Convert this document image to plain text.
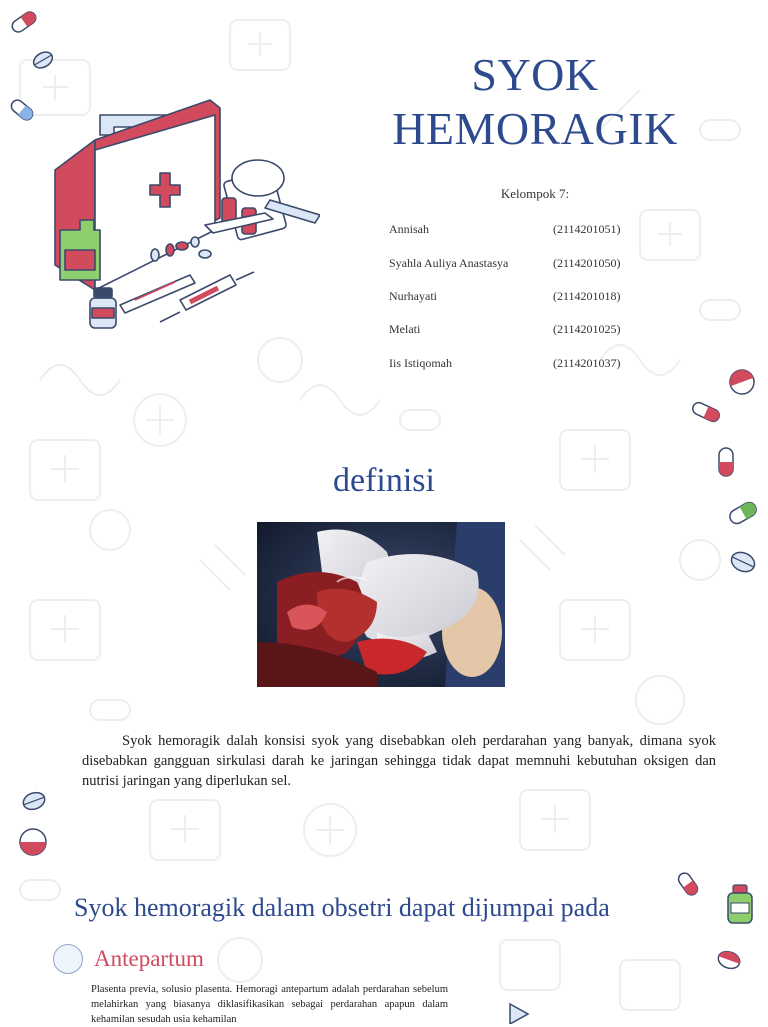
SYOK
HEMORAGIK
Kelompok 7:
Annisah	(2114201051)
Syahla Auliya Anastasya	(2114201050)
Nurhayati	(2114201018)
Melati	(2114201025)
Iis Istiqomah	(2114201037)
definisi
Syok hemoragik dalah konsisi syok yang disebabkan oleh perdarahan yang banyak, dimana syok disebabkan gangguan sirkulasi darah ke jaringan sehingga tidak dapat memnuhi kebutuhan oksigen dan nutrisi jaringan yang diperlukan sel.
Syok hemoragik dalam obsetri dapat dijumpai pada
Antepartum
Plasenta previa, solusio plasenta. Hemoragi antepartum adalah perdarahan sebelum melahirkan yang biasanya diklasifikasikan sebagai perdarahan apapun dalam kehamilan sesudah usia kehamilan
